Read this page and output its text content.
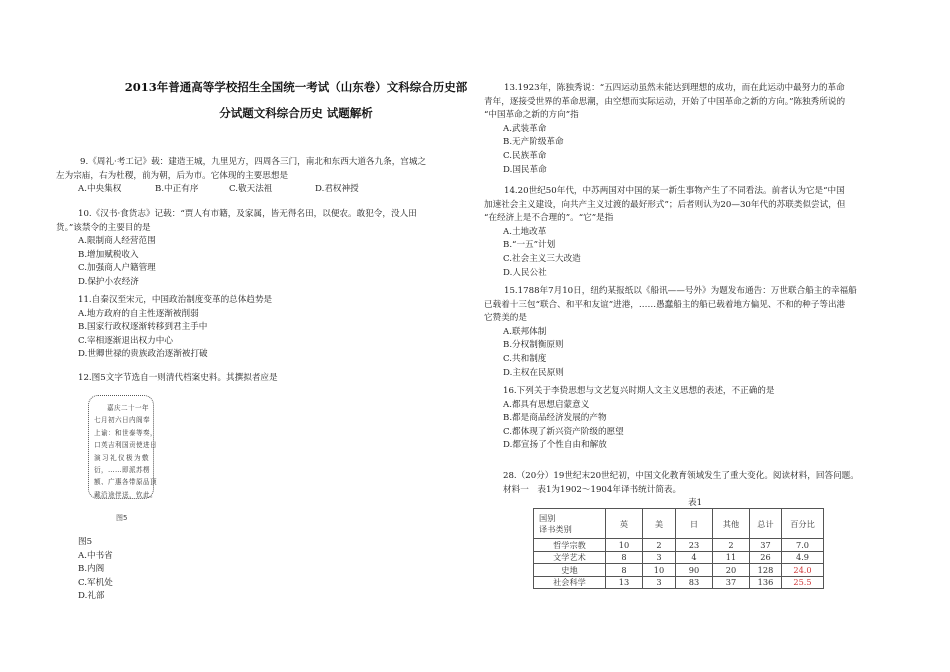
2013年普通高等学校招生全国统一考试（山东卷）文科综合历史部
分试题文科综合历史 试题解析
9.《周礼·考工记》载：建造王城，九里见方，四周各三门，南北和东西大道各九条，宫城之
左为宗庙，右为杜稷，前为朝，后为市。它体现的主要思想是
A.中央集权	B.中正有序	C.敬天法祖	D.君权神授
10.《汉书·食货志》记载：“贾人有市籍，及家属，皆无得名田，以便农。敢犯令，没人田
货。”该禁令的主要目的是
A.限制商人经营范围
B.增加赋税收入
C.加强商人户籍管理
D.保护小农经济
11.自秦汉至宋元，中国政治制度变革的总体趋势是
A.地方政府的自主性逐渐被削弱
B.国家行政权逐渐转移到君主手中
C.宰相逐渐退出权力中心
D.世卿世禄的贵族政治逐渐被打破
12.图5文字节选自一则清代档案史料。其撰拟者应是
嘉庆二十一年
七月初六日内阁奉
上谕：和世泰等奏，
口英吉利国贡使进日
演习礼仪极为敷
衍，……即派苏楞
额、广惠各带原品顶
戴沿途伴送，钦此。
图5
图5
A.中书省
B.内阁
C.军机处
D.礼部
13.1923年，陈独秀说：“五四运动虽然未能达到理想的成功，而在此运动中最努力的革命
青年，逐接受世界的革命思潮，由空想而实际运动，开始了中国革命之新的方向。”陈独秀所说的
“中国革命之新的方向”指
A.武装革命
B.无产阶级革命
C.民族革命
D.国民革命
14.20世纪50年代，中苏两国对中国的某一新生事物产生了不同看法。前者认为它是“中国
加速社会主义建设，向共产主义过渡的最好形式”；后者则认为20—30年代的苏联类似尝试，但
“在经济上是不合理的”。“它”是指
A.土地改革
B.“一五”计划
C.社会主义三大改造
D.人民公社
15.1788年7月10日，纽约某报纸以《船讯——号外》为题发布通告：万世联合船主的幸福船
已载着十三包“联合、和平和友谊”进港，……愚蠢船主的船已载着地方偏见、不和的种子等出港
它赞美的是
A.联邦体制
B.分权制衡原则
C.共和制度
D.主权在民原则
16.下列关于李贽思想与文艺复兴时期人文主义思想的表述，不正确的是
A.都具有思想启蒙意义
B.都是商品经济发展的产物
C.都体现了新兴资产阶级的愿望
D.都宣扬了个性自由和解放
28.（20分）19世纪末20世纪初，中国文化教育领域发生了重大变化。阅读材料，回答问题。
材料一　表1为1902～1904年译书统计简表。
表1
国别
译书类别	英	美	日	其他	总计	百分比
哲学宗教	10	2	23	2	37	7.0
文学艺术	8	3	4	11	26	4.9
史地	8	10	90	20	128	24.0
社会科学	13	3	83	37	136	25.5
